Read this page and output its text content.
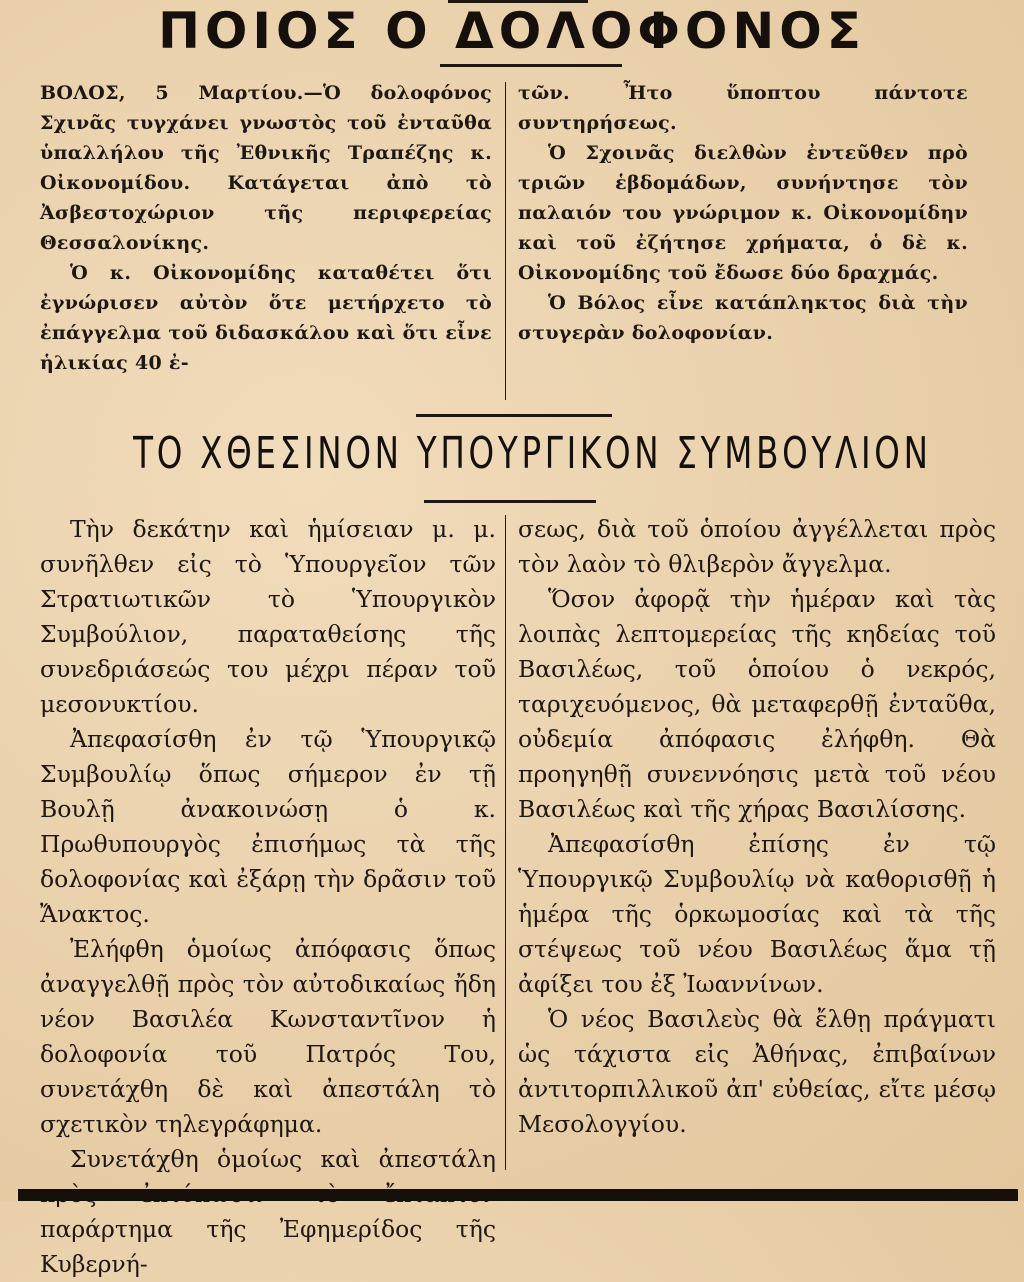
ΠΟΙΟΣ Ο ΔΟΛΟΦΟΝΟΣ

ΒΟΛΟΣ, 5 Μαρτίου.—Ὁ δολοφόνος Σχινᾶς τυγχάνει γνωστὸς τοῦ ἐνταῦθα ὑπαλλήλου τῆς Ἐθνικῆς Τραπέζης κ. Οἰκονομίδου. Κατάγεται ἀπὸ τὸ Ἀσβεστοχώριον τῆς περιφερείας Θεσσαλονίκης.

Ὁ κ. Οἰκονομίδης καταθέτει ὅτι ἐγνώρισεν αὐτὸν ὅτε μετήρχετο τὸ ἐπάγγελμα τοῦ διδασκάλου καὶ ὅτι εἶνε ἡλικίας 40 ἐ-

τῶν. Ἦτο ὕποπτου πάντοτε συντηρήσεως.

Ὁ Σχοινᾶς διελθὼν ἐντεῦθεν πρὸ τριῶν ἑβδομάδων, συνήντησε τὸν παλαιόν του γνώριμον κ. Οἰκονομίδην καὶ τοῦ ἐζήτησε χρήματα, ὁ δὲ κ. Οἰκονομίδης τοῦ ἔδωσε δύο δραχμάς.

Ὁ Βόλος εἶνε κατάπληκτος διὰ τὴν στυγερὰν δολοφονίαν.

ΤΟ ΧΘΕΣΙΝΟΝ ΥΠΟΥΡΓΙΚΟΝ ΣΥΜΒΟΥΛΙΟΝ

Τὴν δεκάτην καὶ ἡμίσειαν μ. μ. συνῆλθεν εἰς τὸ Ὑπουργεῖον τῶν Στρατιωτικῶν τὸ Ὑπουργικὸν Συμβούλιον, παραταθείσης τῆς συνεδριάσεώς του μέχρι πέραν τοῦ μεσονυκτίου.

Ἀπεφασίσθη ἐν τῷ Ὑπουργικῷ Συμβουλίῳ ὅπως σήμερον ἐν τῇ Βουλῇ ἀνακοινώσῃ ὁ κ. Πρωθυπουργὸς ἐπισήμως τὰ τῆς δολοφονίας καὶ ἐξάρῃ τὴν δρᾶσιν τοῦ Ἄνακτος.

Ἐλήφθη ὁμοίως ἀπόφασις ὅπως ἀναγγελθῇ πρὸς τὸν αὐτοδικαίως ἤδη νέον Βασιλέα Κωνσταντῖνον ἡ δολοφονία τοῦ Πατρός Του, συνετάχθη δὲ καὶ ἀπεστάλη τὸ σχετικὸν τηλεγράφημα.

Συνετάχθη ὁμοίως καὶ ἀπεστάλη παράρτημα τῆς Ἐφημερίδος τῆς Κυβερνή-

σεως, διὰ τοῦ ὁποίου ἀγγέλλεται πρὸς τὸν λαὸν τὸ θλιβερὸν ἄγγελμα.

Ὅσον ἀφορᾷ τὴν ἡμέραν καὶ τὰς λοιπὰς λεπτομερείας τῆς κηδείας τοῦ Βασιλέως, τοῦ ὁποίου ὁ νεκρός, ταριχευόμενος, θὰ μεταφερθῇ ἐνταῦθα, οὐδεμία ἀπόφασις ἐλήφθη. Θὰ προηγηθῇ συνεννόησις μετὰ τοῦ νέου Βασιλέως καὶ τῆς χήρας Βασιλίσσης.

Ἀπεφασίσθη ἐπίσης ἐν τῷ Ὑπουργικῷ Συμβουλίῳ νὰ καθορισθῇ ἡ ἡμέρα τῆς ὁρκωμοσίας καὶ τὰ τῆς στέψεως τοῦ νέου Βασιλέως ἅμα τῇ ἀφίξει του ἐξ Ἰωαννίνων.

Ὁ νέος Βασιλεὺς θὰ ἔλθῃ πράγματι ὡς τάχιστα εἰς Ἀθήνας, ἐπιβαίνων ἀντιτορπιλλικοῦ ἀπ' εὐθείας, εἴτε μέσῳ Μεσολογγίου.
